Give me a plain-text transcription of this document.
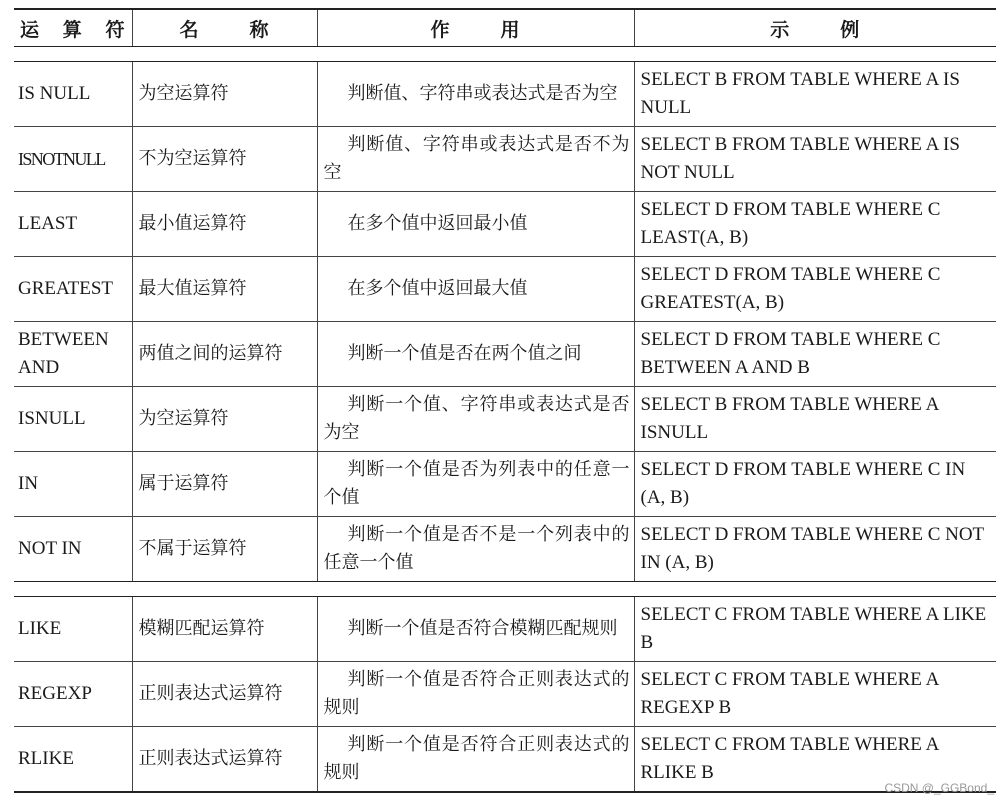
运 算 符	名 称	作 用	示 例

IS NULL	为空运算符	判断值、字符串或表达式是否为空	SELECT B FROM TABLE WHERE A IS NULL
ISNOTNULL	不为空运算符	判断值、字符串或表达式是否不为空	SELECT B FROM TABLE WHERE A IS NOT NULL
LEAST	最小值运算符	在多个值中返回最小值	SELECT D FROM TABLE WHERE C LEAST(A, B)
GREATEST	最大值运算符	在多个值中返回最大值	SELECT D FROM TABLE WHERE C GREATEST(A, B)
BETWEEN AND	两值之间的运算符	判断一个值是否在两个值之间	SELECT D FROM TABLE WHERE C BETWEEN A AND B
ISNULL	为空运算符	判断一个值、字符串或表达式是否为空	SELECT B FROM TABLE WHERE A ISNULL
IN	属于运算符	判断一个值是否为列表中的任意一个值	SELECT D FROM TABLE WHERE C IN (A, B)
NOT IN	不属于运算符	判断一个值是否不是一个列表中的任意一个值	SELECT D FROM TABLE WHERE C NOT IN (A, B)

LIKE	模糊匹配运算符	判断一个值是否符合模糊匹配规则	SELECT C FROM TABLE WHERE A LIKE B
REGEXP	正则表达式运算符	判断一个值是否符合正则表达式的规则	SELECT C FROM TABLE WHERE A REGEXP B
RLIKE	正则表达式运算符	判断一个值是否符合正则表达式的规则	SELECT C FROM TABLE WHERE A RLIKE B
CSDN @_GGBond_
